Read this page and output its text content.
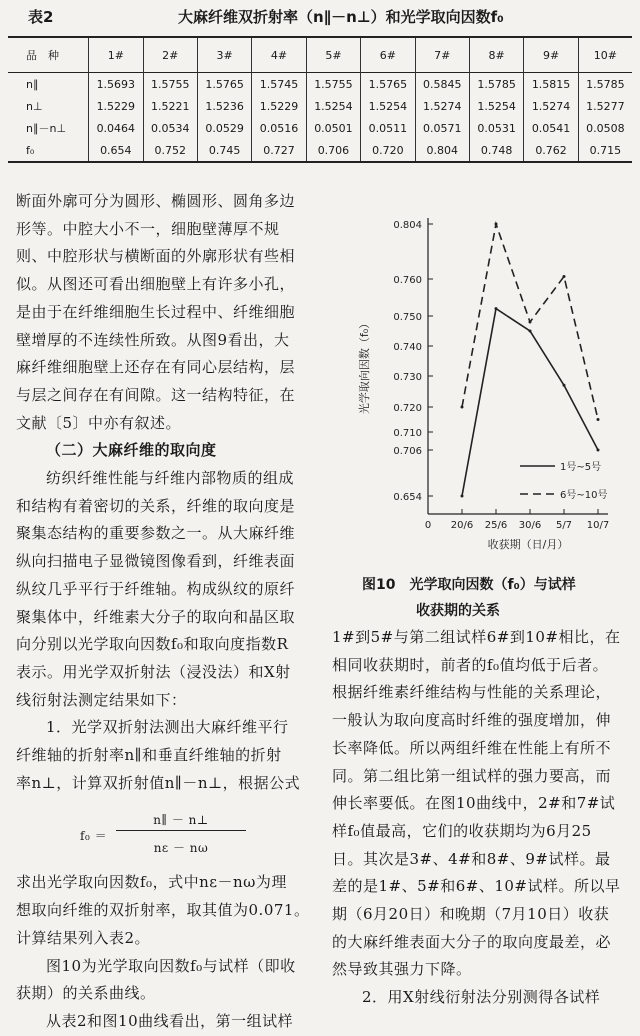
表2	大麻纤维双折射率（n∥－n⊥）和光学取向因数f₀
品　种	1#	2#	3#	4#	5#	6#	7#	8#	9#	10#
n∥	1.5693	1.5755	1.5765	1.5745	1.5755	1.5765	0.5845	1.5785	1.5815	1.5785
n⊥	1.5229	1.5221	1.5236	1.5229	1.5254	1.5254	1.5274	1.5254	1.5274	1.5277
n∥－n⊥	0.0464	0.0534	0.0529	0.0516	0.0501	0.0511	0.0571	0.0531	0.0541	0.0508
f₀	0.654	0.752	0.745	0.727	0.706	0.720	0.804	0.748	0.762	0.715

断面外廓可分为圆形、椭圆形、圆角多边

形等。中腔大小不一，细胞壁薄厚不规

则、中腔形状与横断面的外廓形状有些相

似。从图还可看出细胞壁上有许多小孔，

是由于在纤维细胞生长过程中、纤维细胞

壁增厚的不连续性所致。从图9看出，大

麻纤维细胞壁上还存在有同心层结构，层

与层之间存在有间隙。这一结构特征，在

文献〔5〕中亦有叙述。

（二）大麻纤维的取向度

纺织纤维性能与纤维内部物质的组成

和结构有着密切的关系，纤维的取向度是

聚集态结构的重要参数之一。从大麻纤维

纵向扫描电子显微镜图像看到，纤维表面

纵纹几乎平行于纤维轴。构成纵纹的原纤

聚集体中，纤维素大分子的取向和晶区取

向分别以光学取向因数f₀和取向度指数R

表示。用光学双折射法（浸没法）和X射

线衍射法测定结果如下：

1．光学双折射法测出大麻纤维平行

纤维轴的折射率n∥和垂直纤维轴的折射

率n⊥，计算双折射值n∥－n⊥，根据公式

f₀ ＝
n∥ － n⊥
nε － nω

求出光学取向因数f₀，式中nε－nω为理

想取向纤维的双折射率，取其值为0.071。

计算结果列入表2。

图10为光学取向因数f₀与试样（即收

获期）的关系曲线。

从表2和图10曲线看出，第一组试样

0.654
0.706
0.710
0.720
0.730
0.740
0.750
0.760
0.804
0 20/6 25/6 30/6 5/7 10/7
收获期（日/月）
光学取向因数（f₀）
1号~5号
6号~10号
图10　光学取向因数（f₀）与试样
收获期的关系

1#到5#与第二组试样6#到10#相比，在

相同收获期时，前者的f₀值均低于后者。

根据纤维素纤维结构与性能的关系理论，

一般认为取向度高时纤维的强度增加，伸

长率降低。所以两组纤维在性能上有所不

同。第二组比第一组试样的强力要高，而

伸长率要低。在图10曲线中，2#和7#试

样f₀值最高，它们的收获期均为6月25

日。其次是3#、4#和8#、9#试样。最

差的是1#、5#和6#、10#试样。所以早

期（6月20日）和晚期（7月10日）收获

的大麻纤维表面大分子的取向度最差，必

然导致其强力下降。

2．用X射线衍射法分别测得各试样
